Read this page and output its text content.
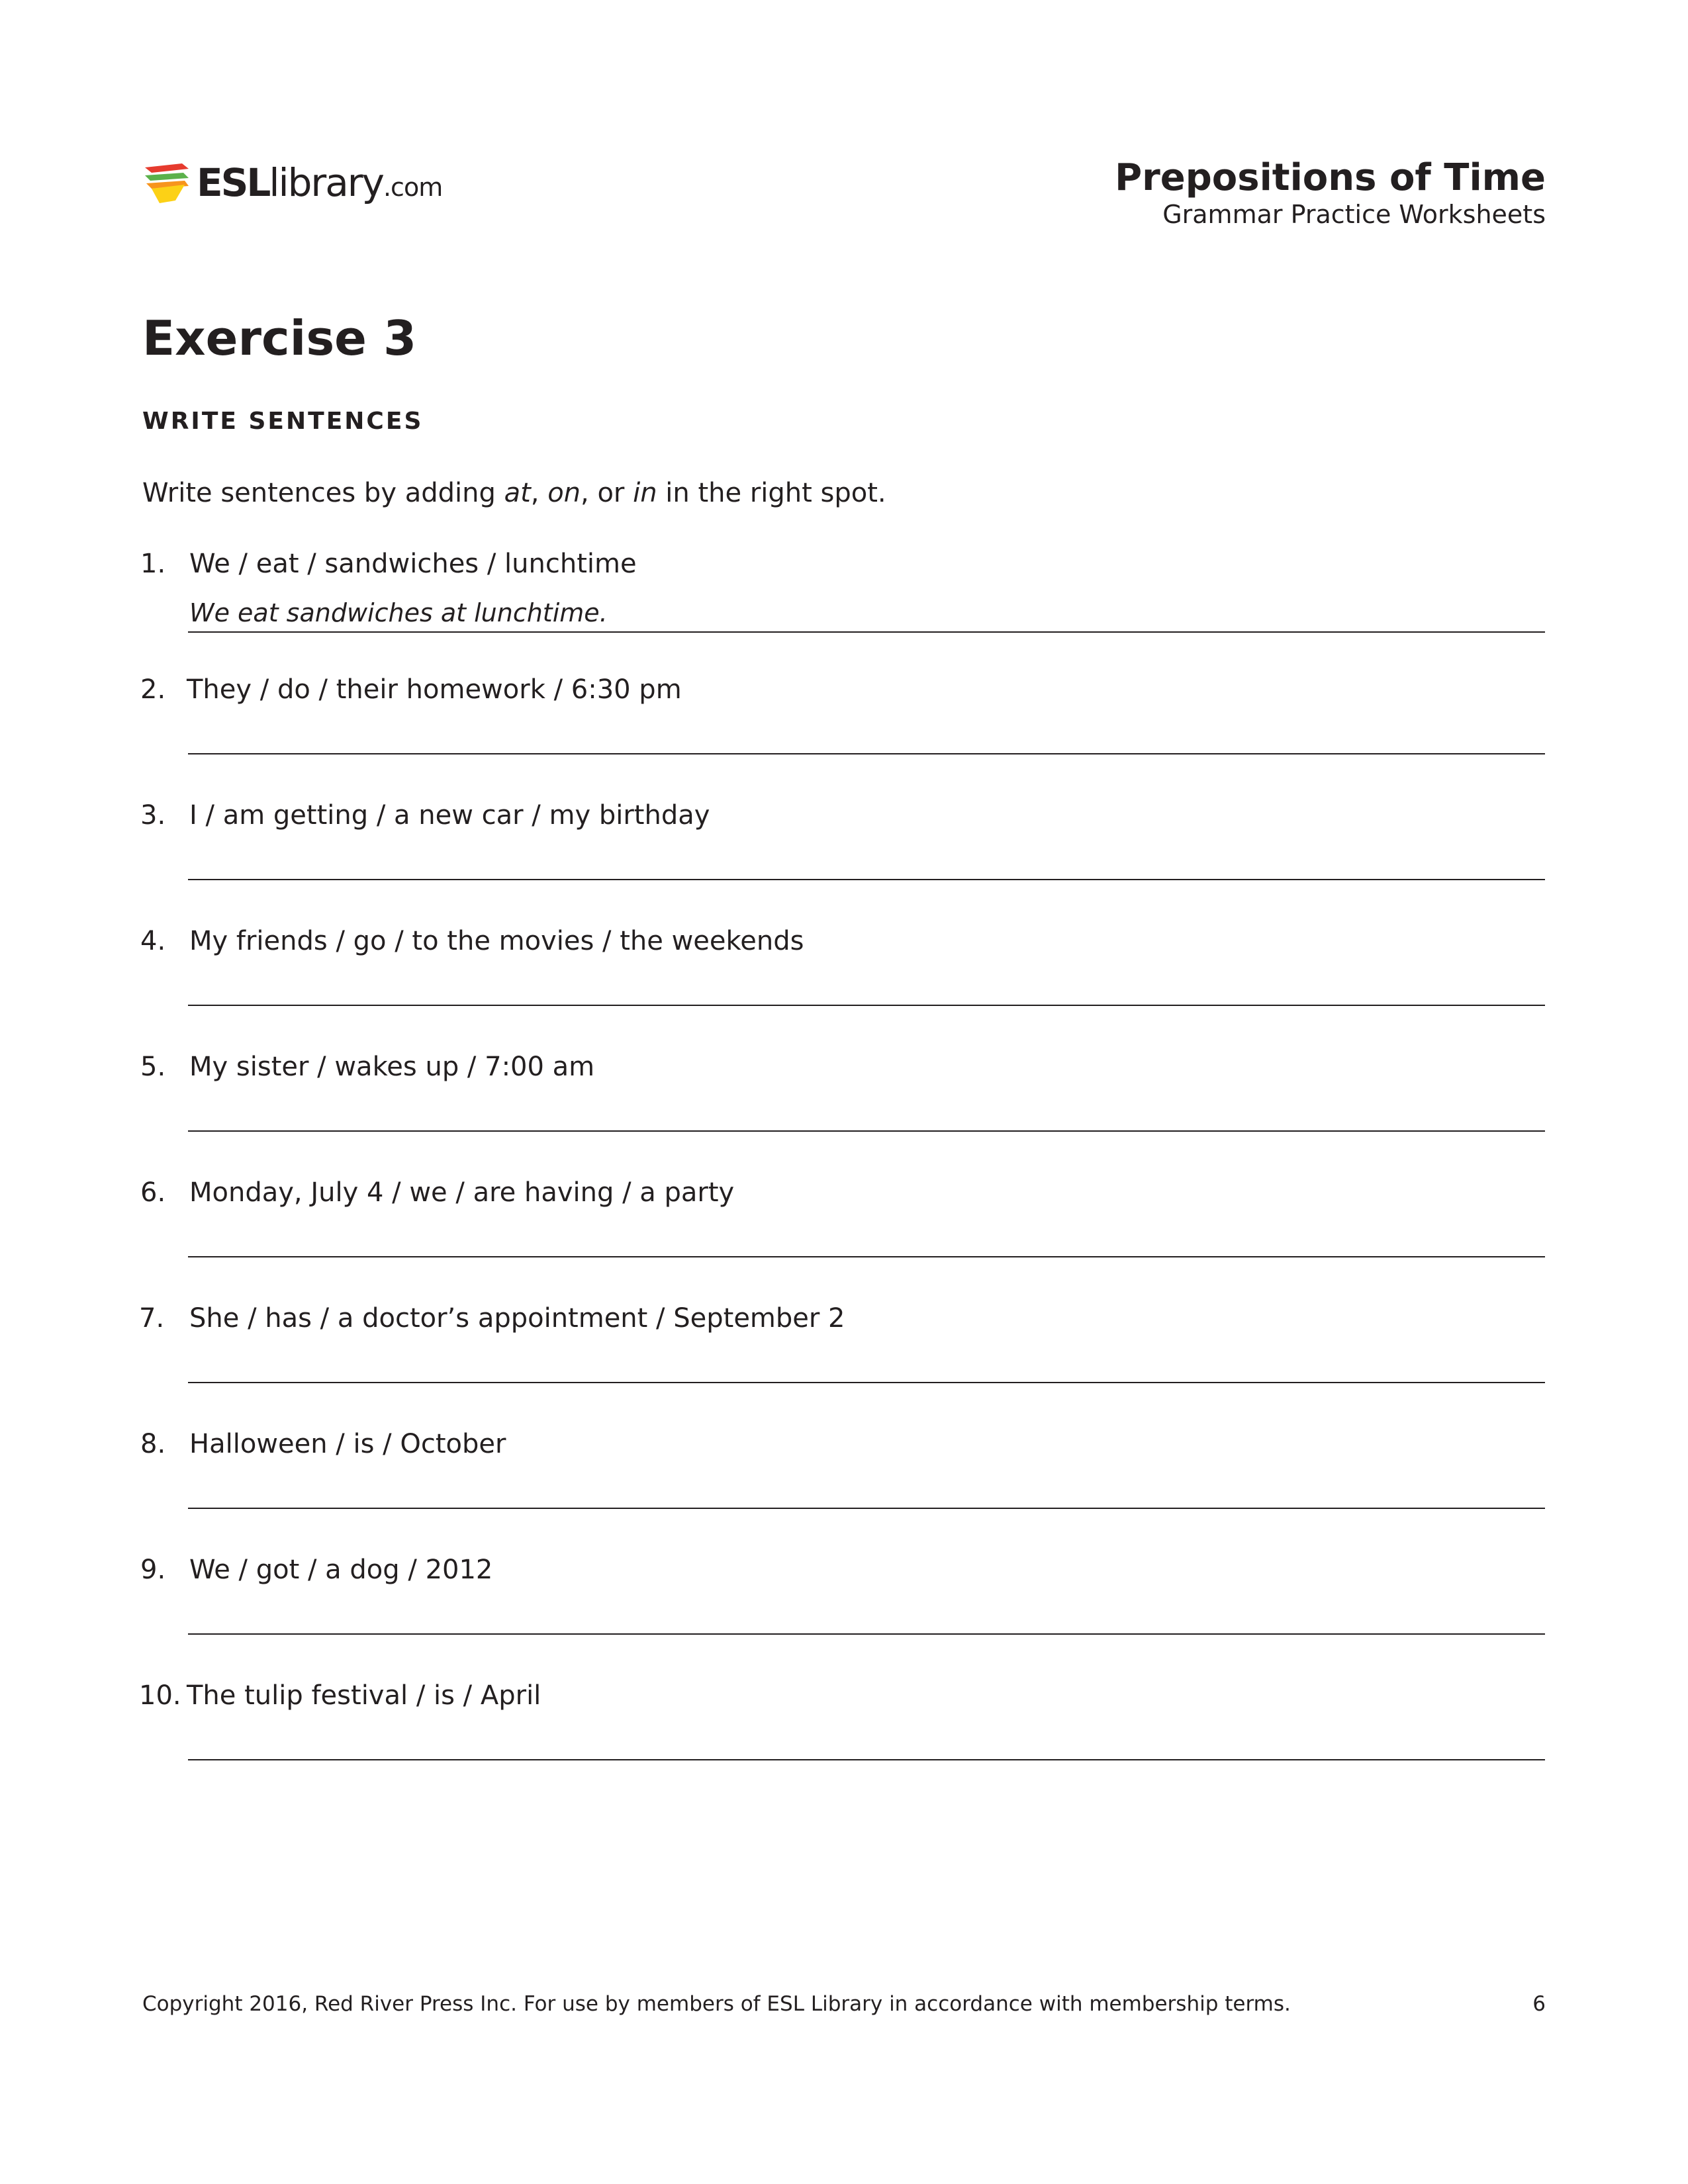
ESLlibrary.com	Prepositions of Time
Grammar Practice Worksheets
Exercise 3
WRITE SENTENCES
Write sentences by adding at, on, or in in the right spot.
1. We / eat / sandwiches / lunchtime
We eat sandwiches at lunchtime.
2. They / do / their homework / 6:30 pm
3. I / am getting / a new car / my birthday
4. My friends / go / to the movies / the weekends
5. My sister / wakes up / 7:00 am
6. Monday, July 4 / we / are having / a party
7. She / has / a doctor’s appointment / September 2
8. Halloween / is / October
9. We / got / a dog / 2012
10. The tulip festival / is / April
Copyright 2016, Red River Press Inc. For use by members of ESL Library in accordance with membership terms.	6
